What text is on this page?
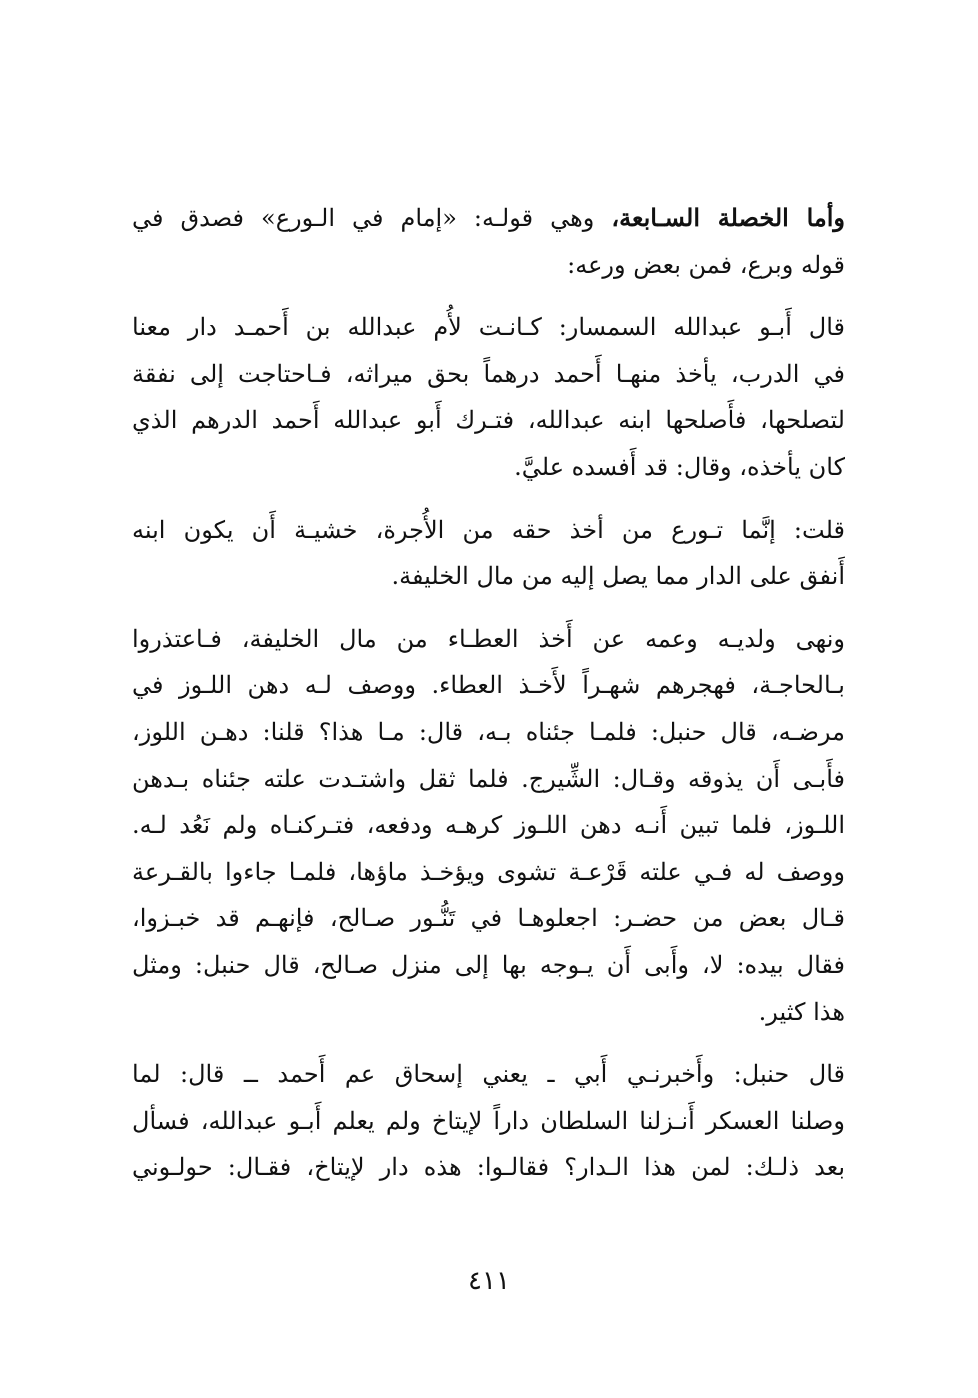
وأما الخصلة السـابعة، وهي قولـه: «إمام في الـورع» فصدق في
قوله وبرع، فمن بعض ورعه:
قال أَبـو عبدالله السمسار: كـانـت لأُم عبدالله بن أَحمـد دار معنا
في الدرب، يأخذ منهـا أَحمد درهماً بحق ميراثه، فـاحتاجت إلى نفقة
لتصلحها، فأَصلحها ابنه عبدالله، فتـرك أَبو عبدالله أَحمد الدرهم الذي
كان يأخذه، وقال: قد أَفسده عليَّ.
قلت: إنَّما تـورع من أخذ حقه من الأُجرة، خشيـة أَن يكون ابنه
أَنفق على الدار مما يصل إليه من مال الخليفة.
ونهى ولديـه وعمه عن أَخذ العطـاء من مال الخليفة، فـاعتذروا
بـالحاجـة، فهجرهم شهـراً لأَخـذ العطاء. ووصف لـه دهن اللـوز في
مرضـه، قال حنبل: فلمـا جئناه بـه، قال: مـا هذا؟ قلنا: دهـن اللوز،
فأَبـى أَن يذوقه وقـال: الشِّيرج. فلما ثقل واشتـدت علته جئناه بـدهن
اللـوز، فلما تبين أَنـه دهن اللـوز كرهـه ودفعه، فتـركنـاه ولم نَعُد لـه.
ووصف له فـي علته قَرْعـة تشوى ويؤخـذ ماؤها، فلمـا جاءوا بالقـرعة
قـال بعض من حضـر: اجعلوهـا في تَنُّـور صـالح، فإنهـم قد خبـزوا،
فقال بيده: لا، وأَبى أَن يـوجه بها إلى منزل صـالح، قال حنبل: ومثل
هذا كثير.
قال حنبل: وأَخبرنـي أَبي ـ يعني إسحاق عم أَحمد ــ قال: لما
وصلنا العسكر أَنـزلنا السلطان داراً لإيتاخ ولم يعلم أَبـو عبدالله، فسأل
بعد ذلـك: لمن هذا الـدار؟ فقالـوا: هذه دار لإيتاخ، فقـال: حولـوني
٤١١
